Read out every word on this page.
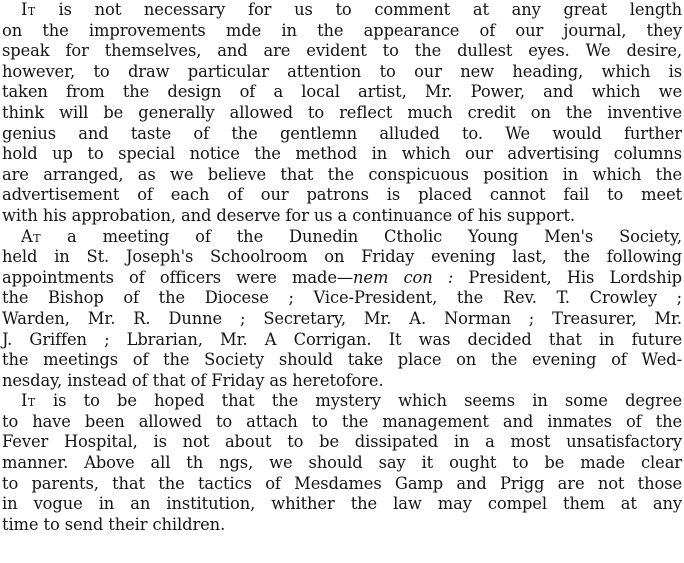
It is not necessary for us to comment at any great length
on the improvements mde in the appearance of our journal, they
speak for themselves, and are evident to the dullest eyes. We desire,
however, to draw particular attention to our new heading, which is
taken from the design of a local artist, Mr. Power, and which we
think will be generally allowed to reflect much credit on the inventive
genius and taste of the gentlemn alluded to. We would further
hold up to special notice the method in which our advertising columns
are arranged, as we believe that the conspicuous position in which the
advertisement of each of our patrons is placed cannot fail to meet
with his approbation, and deserve for us a continuance of his support.

At a meeting of the Dunedin Ctholic Young Men's Society,
held in St. Joseph's Schoolroom on Friday evening last, the following
appointments of officers were made—nem con : President, His Lordship
the Bishop of the Diocese ; Vice-President, the Rev. T. Crowley ;
Warden, Mr. R. Dunne ; Secretary, Mr. A. Norman ; Treasurer, Mr.
J. Griffen ; Lbrarian, Mr. A Corrigan. It was decided that in future
the meetings of the Society should take place on the evening of Wed-
nesday, instead of that of Friday as heretofore.

It is to be hoped that the mystery which seems in some degree
to have been allowed to attach to the management and inmates of the
Fever Hospital, is not about to be dissipated in a most unsatisfactory
manner. Above all th ngs, we should say it ought to be made clear
to parents, that the tactics of Mesdames Gamp and Prigg are not those
in vogue in an institution, whither the law may compel them at any
time to send their children.
